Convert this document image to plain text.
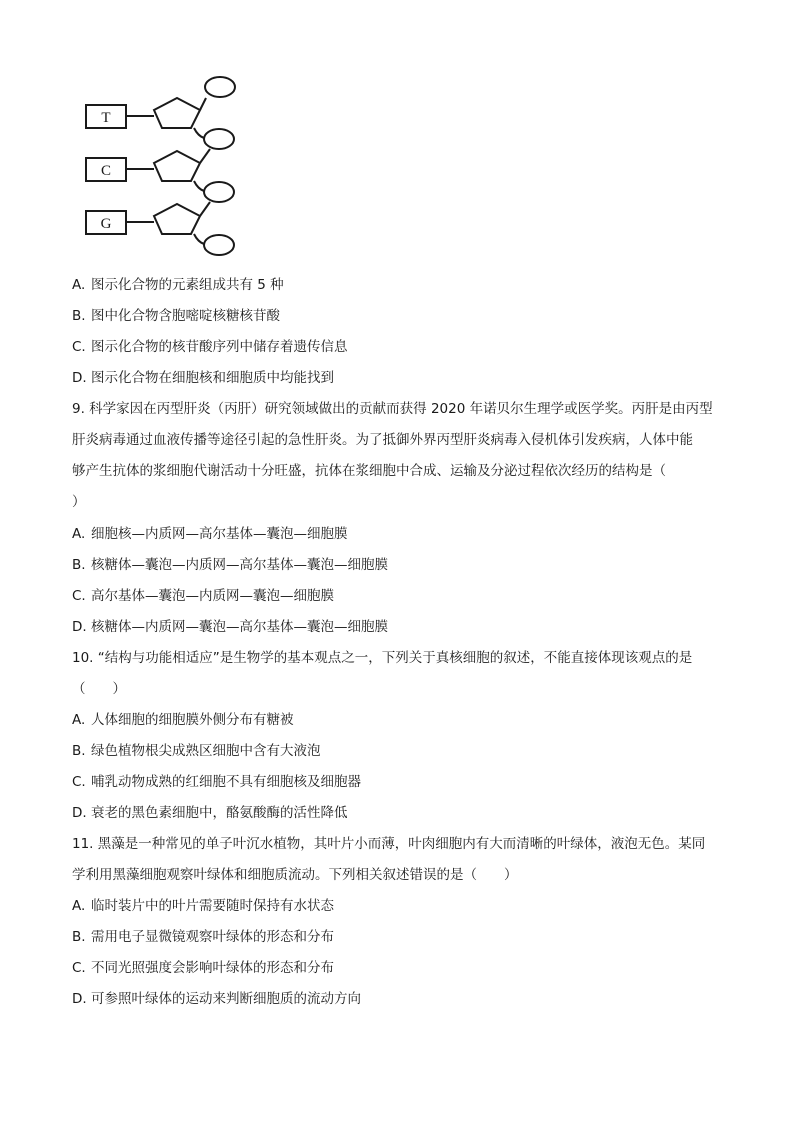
T
C
G
A. 图示化合物的元素组成共有 5 种
B. 图中化合物含胞嘧啶核糖核苷酸
C. 图示化合物的核苷酸序列中储存着遗传信息
D. 图示化合物在细胞核和细胞质中均能找到
9. 科学家因在丙型肝炎（丙肝）研究领域做出的贡献而获得 2020 年诺贝尔生理学或医学奖。丙肝是由丙型
肝炎病毒通过血液传播等途径引起的急性肝炎。为了抵御外界丙型肝炎病毒入侵机体引发疾病，人体中能
够产生抗体的浆细胞代谢活动十分旺盛，抗体在浆细胞中合成、运输及分泌过程依次经历的结构是（
）
A. 细胞核—内质网—高尔基体—囊泡—细胞膜
B. 核糖体—囊泡—内质网—高尔基体—囊泡—细胞膜
C. 高尔基体—囊泡—内质网—囊泡—细胞膜
D. 核糖体—内质网—囊泡—高尔基体—囊泡—细胞膜
10. “结构与功能相适应”是生物学的基本观点之一，下列关于真核细胞的叙述，不能直接体现该观点的是
（　　）
A. 人体细胞的细胞膜外侧分布有糖被
B. 绿色植物根尖成熟区细胞中含有大液泡
C. 哺乳动物成熟的红细胞不具有细胞核及细胞器
D. 衰老的黑色素细胞中，酪氨酸酶的活性降低
11. 黑藻是一种常见的单子叶沉水植物，其叶片小而薄，叶肉细胞内有大而清晰的叶绿体，液泡无色。某同
学利用黑藻细胞观察叶绿体和细胞质流动。下列相关叙述错误的是（　　）
A. 临时装片中的叶片需要随时保持有水状态
B. 需用电子显微镜观察叶绿体的形态和分布
C. 不同光照强度会影响叶绿体的形态和分布
D. 可参照叶绿体的运动来判断细胞质的流动方向
